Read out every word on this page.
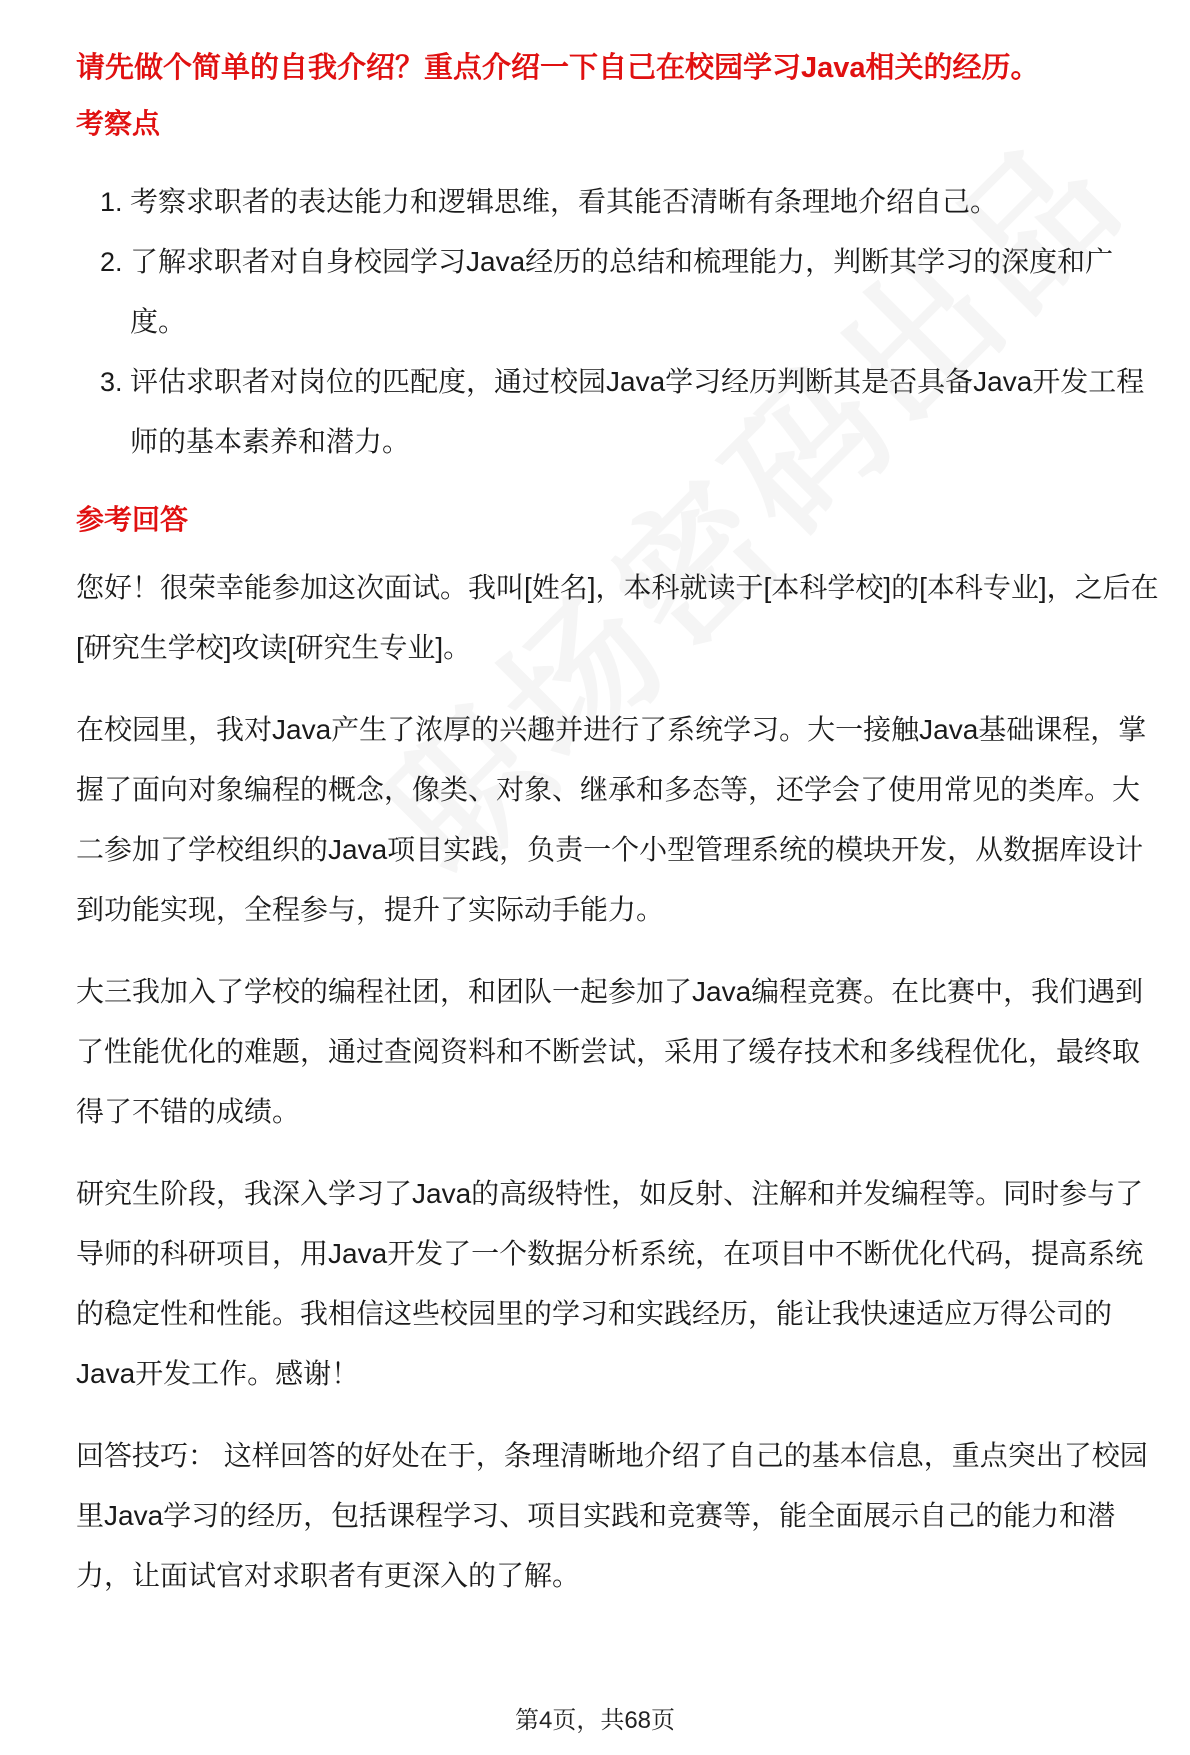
请先做个简单的自我介绍？重点介绍一下自己在校园学习Java相关的经历。
考察点
1. 考察求职者的表达能力和逻辑思维，看其能否清晰有条理地介绍自己。
2. 了解求职者对自身校园学习Java经历的总结和梳理能力，判断其学习的深度和广度。
3. 评估求职者对岗位的匹配度，通过校园Java学习经历判断其是否具备Java开发工程师的基本素养和潜力。
参考回答

您好！很荣幸能参加这次面试。我叫[姓名]，本科就读于[本科学校]的[本科专业]，之后在[研究生学校]攻读[研究生专业]。

在校园里，我对Java产生了浓厚的兴趣并进行了系统学习。大一接触Java基础课程，掌握了面向对象编程的概念，像类、对象、继承和多态等，还学会了使用常见的类库。大二参加了学校组织的Java项目实践，负责一个小型管理系统的模块开发，从数据库设计到功能实现，全程参与，提升了实际动手能力。

大三我加入了学校的编程社团，和团队一起参加了Java编程竞赛。在比赛中，我们遇到了性能优化的难题，通过查阅资料和不断尝试，采用了缓存技术和多线程优化，最终取得了不错的成绩。

研究生阶段，我深入学习了Java的高级特性，如反射、注解和并发编程等。同时参与了导师的科研项目，用Java开发了一个数据分析系统，在项目中不断优化代码，提高系统的稳定性和性能。我相信这些校园里的学习和实践经历，能让我快速适应万得公司的Java开发工作。感谢！

回答技巧： 这样回答的好处在于，条理清晰地介绍了自己的基本信息，重点突出了校园里Java学习的经历，包括课程学习、项目实践和竞赛等，能全面展示自己的能力和潜力，让面试官对求职者有更深入的了解。

第4页，共68页
